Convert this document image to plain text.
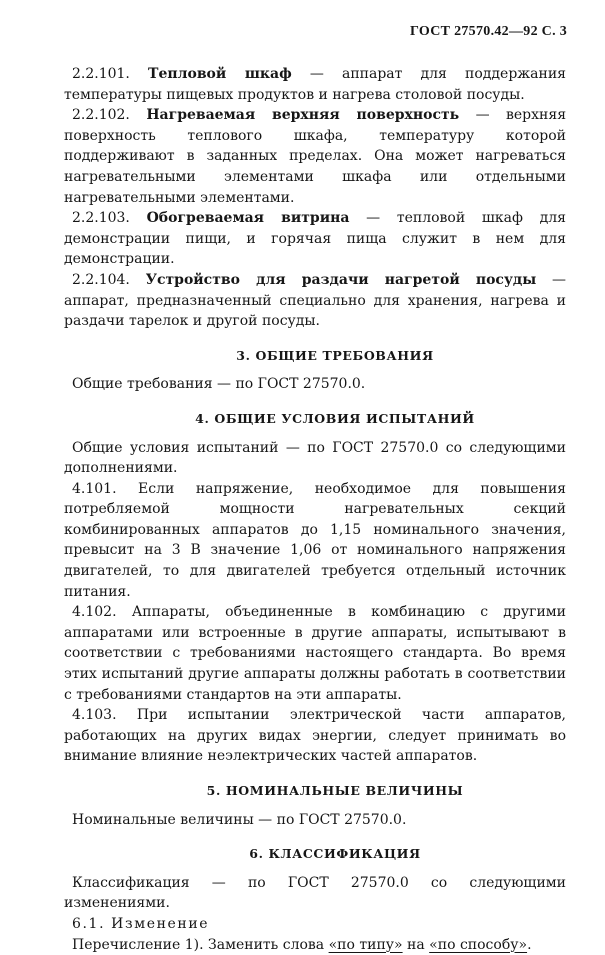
ГОСТ 27570.42—92 С. 3

2.2.101. Тепловой шкаф — аппарат для поддержания температуры пищевых продуктов и нагрева столовой посуды.

2.2.102. Нагреваемая верхняя поверхность — верхняя поверхность теплового шкафа, температуру которой поддерживают в заданных пределах. Она может нагреваться нагревательными элементами шкафа или отдельными нагревательными элементами.

2.2.103. Обогреваемая витрина — тепловой шкаф для демонстрации пищи, и горячая пища служит в нем для демонстрации.

2.2.104. Устройство для раздачи нагретой посуды — аппарат, предназначенный специально для хранения, нагрева и раздачи тарелок и другой посуды.

3. ОБЩИЕ ТРЕБОВАНИЯ

Общие требования — по ГОСТ 27570.0.

4. ОБЩИЕ УСЛОВИЯ ИСПЫТАНИЙ

Общие условия испытаний — по ГОСТ 27570.0 со следующими дополнениями.

4.101. Если напряжение, необходимое для повышения потребляемой мощности нагревательных секций комбинированных аппаратов до 1,15 номинального значения, превысит на 3 В значение 1,06 от номинального напряжения двигателей, то для двигателей требуется отдельный источник питания.

4.102. Аппараты, объединенные в комбинацию с другими аппаратами или встроенные в другие аппараты, испытывают в соответствии с требованиями настоящего стандарта. Во время этих испытаний другие аппараты должны работать в соответствии с требованиями стандартов на эти аппараты.

4.103. При испытании электрической части аппаратов, работающих на других видах энергии, следует принимать во внимание влияние неэлектрических частей аппаратов.

5. НОМИНАЛЬНЫЕ ВЕЛИЧИНЫ

Номинальные величины — по ГОСТ 27570.0.

6. КЛАССИФИКАЦИЯ

Классификация — по ГОСТ 27570.0 со следующими изменениями.

6.1. Изменение

Перечисление 1). Заменить слова «по типу» на «по способу».
